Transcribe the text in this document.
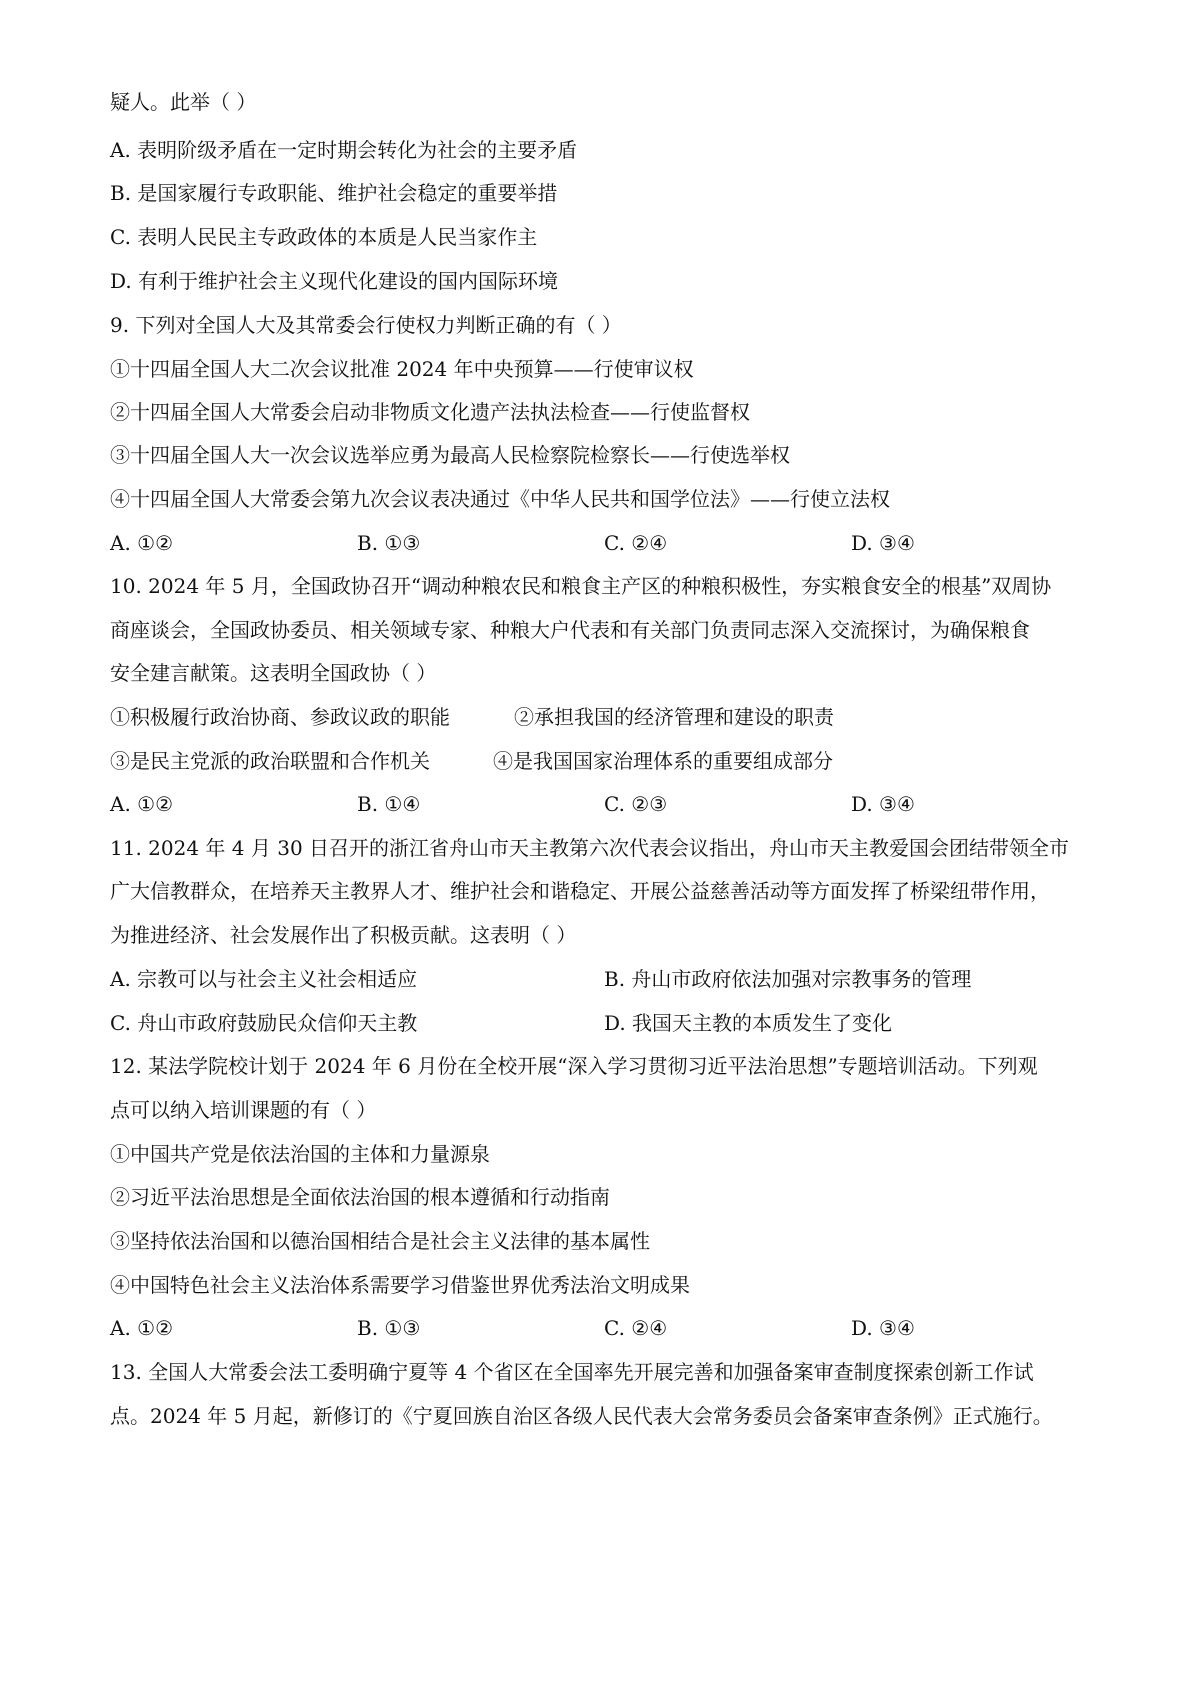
疑人。此举（ ）
A. 表明阶级矛盾在一定时期会转化为社会的主要矛盾
B. 是国家履行专政职能、维护社会稳定的重要举措
C. 表明人民民主专政政体的本质是人民当家作主
D. 有利于维护社会主义现代化建设的国内国际环境
9. 下列对全国人大及其常委会行使权力判断正确的有（ ）
①十四届全国人大二次会议批准 2024 年中央预算——行使审议权
②十四届全国人大常委会启动非物质文化遗产法执法检查——行使监督权
③十四届全国人大一次会议选举应勇为最高人民检察院检察长——行使选举权
④十四届全国人大常委会第九次会议表决通过《中华人民共和国学位法》——行使立法权
A. ①②	B. ①③	C. ②④	D. ③④
10. 2024 年 5 月，全国政协召开“调动种粮农民和粮食主产区的种粮积极性，夯实粮食安全的根基”双周协
商座谈会，全国政协委员、相关领域专家、种粮大户代表和有关部门负责同志深入交流探讨，为确保粮食
安全建言献策。这表明全国政协（ ）
①积极履行政治协商、参政议政的职能	②承担我国的经济管理和建设的职责
③是民主党派的政治联盟和合作机关	④是我国国家治理体系的重要组成部分
A. ①②	B. ①④	C. ②③	D. ③④
11. 2024 年 4 月 30 日召开的浙江省舟山市天主教第六次代表会议指出，舟山市天主教爱国会团结带领全市
广大信教群众，在培养天主教界人才、维护社会和谐稳定、开展公益慈善活动等方面发挥了桥梁纽带作用，
为推进经济、社会发展作出了积极贡献。这表明（ ）
A. 宗教可以与社会主义社会相适应	B. 舟山市政府依法加强对宗教事务的管理
C. 舟山市政府鼓励民众信仰天主教	D. 我国天主教的本质发生了变化
12. 某法学院校计划于 2024 年 6 月份在全校开展“深入学习贯彻习近平法治思想”专题培训活动。下列观
点可以纳入培训课题的有（ ）
①中国共产党是依法治国的主体和力量源泉
②习近平法治思想是全面依法治国的根本遵循和行动指南
③坚持依法治国和以德治国相结合是社会主义法律的基本属性
④中国特色社会主义法治体系需要学习借鉴世界优秀法治文明成果
A. ①②	B. ①③	C. ②④	D. ③④
13. 全国人大常委会法工委明确宁夏等 4 个省区在全国率先开展完善和加强备案审查制度探索创新工作试
点。2024 年 5 月起，新修订的《宁夏回族自治区各级人民代表大会常务委员会备案审查条例》正式施行。
